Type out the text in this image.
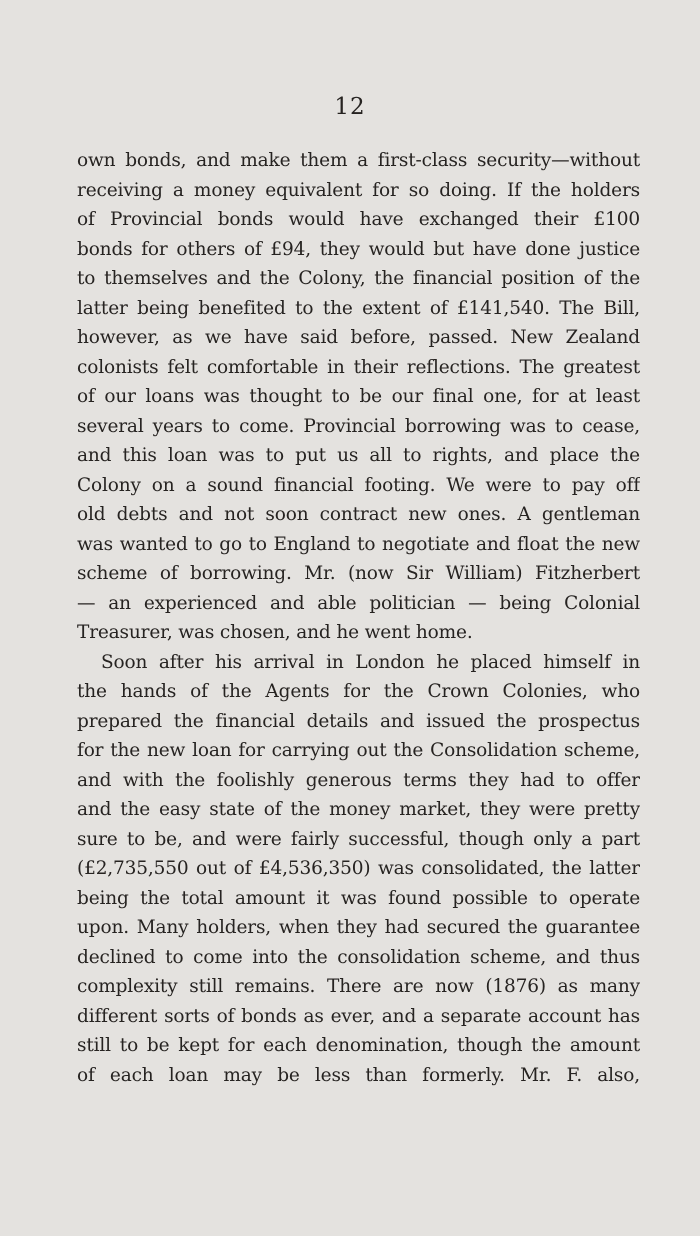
12
own bonds, and make them a first-class security—without
receiving a money equivalent for so doing. If the holders
of Provincial bonds would have exchanged their £100
bonds for others of £94, they would but have done justice
to themselves and the Colony, the financial position of the
latter being benefited to the extent of £141,540. The Bill,
however, as we have said before, passed. New Zealand
colonists felt comfortable in their reflections. The greatest
of our loans was thought to be our final one, for at least
several years to come. Provincial borrowing was to cease,
and this loan was to put us all to rights, and place the
Colony on a sound financial footing. We were to pay off
old debts and not soon contract new ones. A gentleman
was wanted to go to England to negotiate and float the new
scheme of borrowing. Mr. (now Sir William) Fitzherbert
— an experienced and able politician — being Colonial
Treasurer, was chosen, and he went home.
Soon after his arrival in London he placed himself in
the hands of the Agents for the Crown Colonies, who
prepared the financial details and issued the prospectus
for the new loan for carrying out the Consolidation scheme,
and with the foolishly generous terms they had to offer
and the easy state of the money market, they were pretty
sure to be, and were fairly successful, though only a part
(£2,735,550 out of £4,536,350) was consolidated, the latter
being the total amount it was found possible to operate
upon. Many holders, when they had secured the guarantee
declined to come into the consolidation scheme, and thus
complexity still remains. There are now (1876) as many
different sorts of bonds as ever, and a separate account has
still to be kept for each denomination, though the amount
of each loan may be less than formerly. Mr. F. also,
